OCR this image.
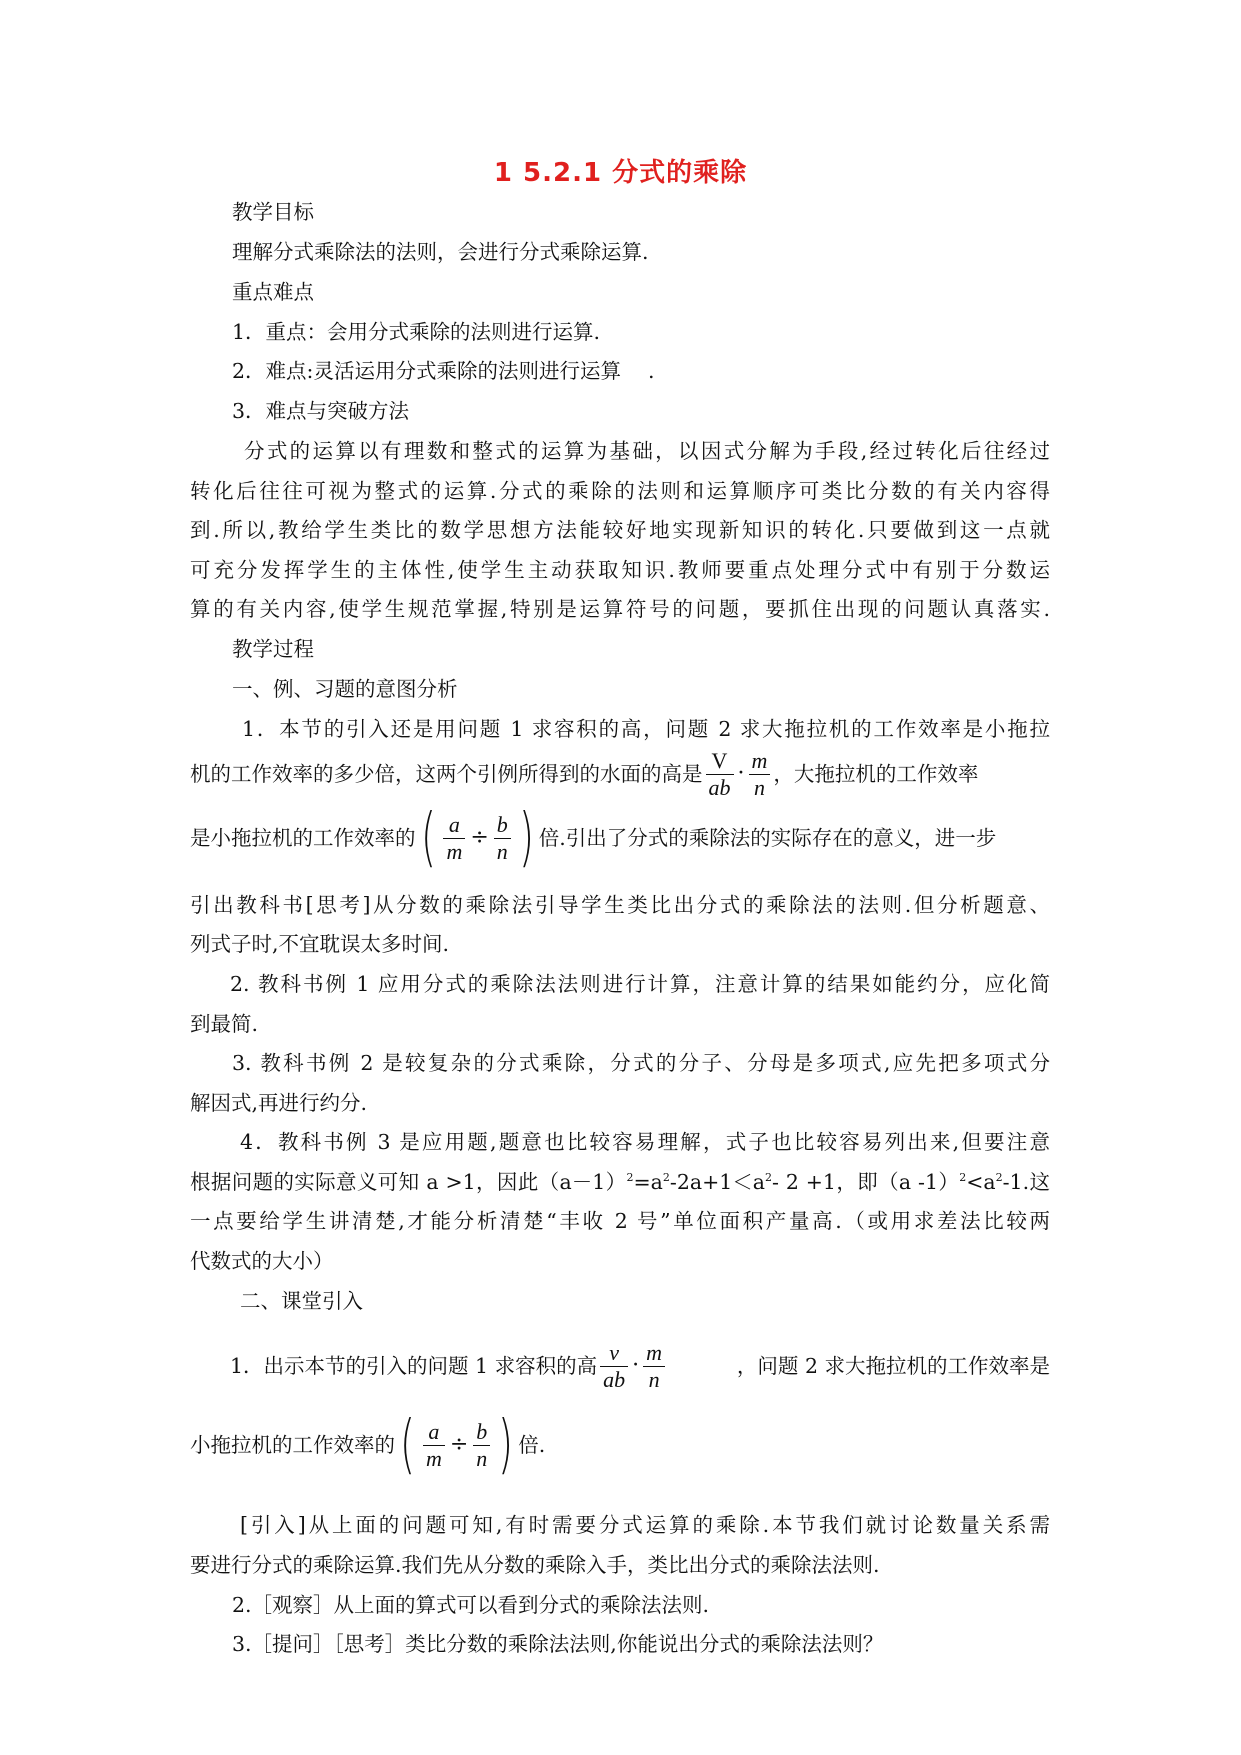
1 5.2.1 分式的乘除
教学目标
理解分式乘除法的法则，会进行分式乘除运算.
重点难点
1．重点：会用分式乘除的法则进行运算.
2．难点:灵活运用分式乘除的法则进行运算　 .
3．难点与突破方法
分式的运算以有理数和整式的运算为基础，以因式分解为手段,经过转化后往经过
转化后往往可视为整式的运算.分式的乘除的法则和运算顺序可类比分数的有关内容得
到.所以,教给学生类比的数学思想方法能较好地实现新知识的转化.只要做到这一点就
可充分发挥学生的主体性,使学生主动获取知识.教师要重点处理分式中有别于分数运
算的有关内容,使学生规范掌握,特别是运算符号的问题，要抓住出现的问题认真落实.
教学过程
一、例、习题的意图分析
1．本节的引入还是用问题 1 求容积的高，问题 2 求大拖拉机的工作效率是小拖拉
机的工作效率的多少倍，这两个引例所得到的水面的高是 $\frac{V}{ab} \cdot \frac{m}{n}$ ，大拖拉机的工作效率
是小拖拉机的工作效率的 ( $\frac{a}{m} \div \frac{b}{n}$ ) 倍.引出了分式的乘除法的实际存在的意义，进一步
引出教科书[思考]从分数的乘除法引导学生类比出分式的乘除法的法则.但分析题意、
列式子时,不宜耽误太多时间.
2. 教科书例 1 应用分式的乘除法法则进行计算，注意计算的结果如能约分，应化简
到最简.
3. 教科书例 2 是较复杂的分式乘除，分式的分子、分母是多项式,应先把多项式分
解因式,再进行约分.
4．教科书例 3 是应用题,题意也比较容易理解，式子也比较容易列出来,但要注意
根据问题的实际意义可知 a >1，因此$(a-1)^2=a^2-2a+1<a^2-$ 2 +1，即（a $-1)^2<a^2-1$.这
一点要给学生讲清楚,才能分析清楚“丰收 2 号”单位面积产量高.（或用求差法比较两
代数式的大小）
二、课堂引入
1．出示本节的引入的问题 1 求容积的高 $\frac{v}{ab} \cdot \frac{m}{n}$	，问题 2 求大拖拉机的工作效率是
小拖拉机的工作效率的 ( $\frac{a}{m} \div \frac{b}{n}$ ) 倍.
[引入]从上面的问题可知,有时需要分式运算的乘除.本节我们就讨论数量关系需
要进行分式的乘除运算.我们先从分数的乘除入手，类比出分式的乘除法法则.
2.［观察］从上面的算式可以看到分式的乘除法法则.
3.［提问］［思考］类比分数的乘除法法则,你能说出分式的乘除法法则？
